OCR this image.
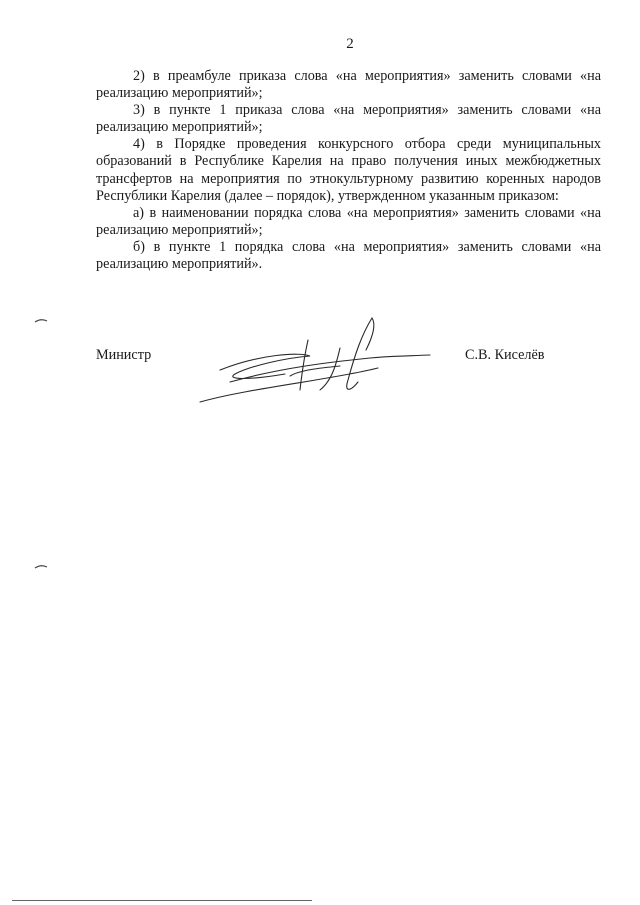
2

2) в преамбуле приказа слова «на мероприятия» заменить словами «на реализацию мероприятий»;

3) в пункте 1 приказа слова «на мероприятия» заменить словами «на реализацию мероприятий»;

4) в Порядке проведения конкурсного отбора среди муниципальных образований в Республике Карелия на право получения иных межбюджетных трансфертов на мероприятия по этнокультурному развитию коренных народов Республики Карелия (далее – порядок), утвержденном указанным приказом:

а) в наименовании порядка слова «на мероприятия» заменить словами «на реализацию мероприятий»;

б) в пункте 1 порядка слова «на мероприятия» заменить словами «на реализацию мероприятий».

Министр	С.В. Киселёв
